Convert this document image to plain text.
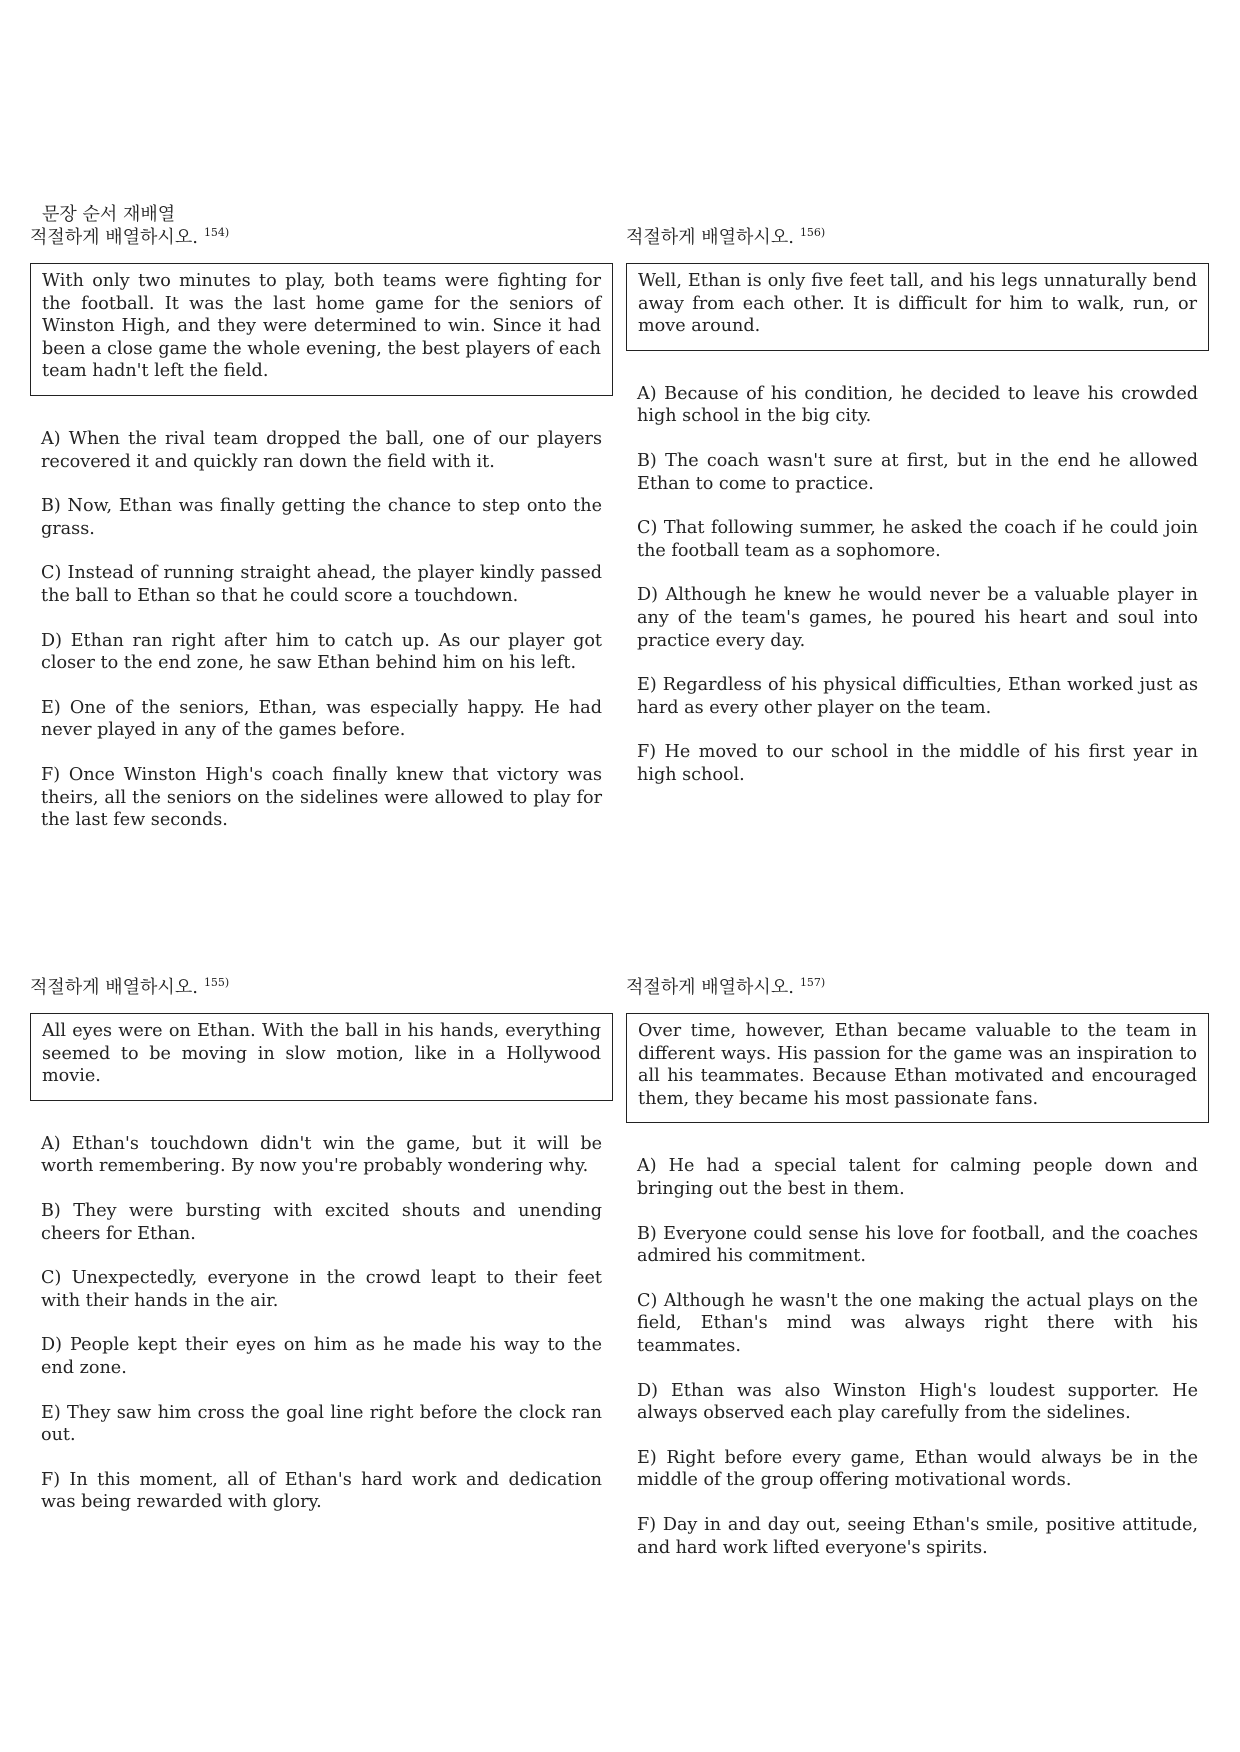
문장 순서 재배열
적절하게 배열하시오. $^{154)}$
With only two minutes to play, both teams were fighting for the football. It was the last home game for the seniors of Winston High, and they were determined to win. Since it had been a close game the whole evening, the best players of each team hadn't left the field.
A) When the rival team dropped the ball, one of our players recovered it and quickly ran down the field with it.
B) Now, Ethan was finally getting the chance to step onto the grass.
C) Instead of running straight ahead, the player kindly passed the ball to Ethan so that he could score a touchdown.
D) Ethan ran right after him to catch up. As our player got closer to the end zone, he saw Ethan behind him on his left.
E) One of the seniors, Ethan, was especially happy. He had never played in any of the games before.
F) Once Winston High's coach finally knew that victory was theirs, all the seniors on the sidelines were allowed to play for the last few seconds.
적절하게 배열하시오. $^{156)}$
Well, Ethan is only five feet tall, and his legs unnaturally bend away from each other. It is difficult for him to walk, run, or move around.
A) Because of his condition, he decided to leave his crowded high school in the big city.
B) The coach wasn't sure at first, but in the end he allowed Ethan to come to practice.
C) That following summer, he asked the coach if he could join the football team as a sophomore.
D) Although he knew he would never be a valuable player in any of the team's games, he poured his heart and soul into practice every day.
E) Regardless of his physical difficulties, Ethan worked just as hard as every other player on the team.
F) He moved to our school in the middle of his first year in high school.
적절하게 배열하시오. $^{155)}$
All eyes were on Ethan. With the ball in his hands, everything seemed to be moving in slow motion, like in a Hollywood movie.
A) Ethan's touchdown didn't win the game, but it will be worth remembering. By now you're probably wondering why.
B) They were bursting with excited shouts and unending cheers for Ethan.
C) Unexpectedly, everyone in the crowd leapt to their feet with their hands in the air.
D) People kept their eyes on him as he made his way to the end zone.
E) They saw him cross the goal line right before the clock ran out.
F) In this moment, all of Ethan's hard work and dedication was being rewarded with glory.
적절하게 배열하시오. $^{157)}$
Over time, however, Ethan became valuable to the team in different ways. His passion for the game was an inspiration to all his teammates. Because Ethan motivated and encouraged them, they became his most passionate fans.
A) He had a special talent for calming people down and bringing out the best in them.
B) Everyone could sense his love for football, and the coaches admired his commitment.
C) Although he wasn't the one making the actual plays on the field, Ethan's mind was always right there with his teammates.
D) Ethan was also Winston High's loudest supporter. He always observed each play carefully from the sidelines.
E) Right before every game, Ethan would always be in the middle of the group offering motivational words.
F) Day in and day out, seeing Ethan's smile, positive attitude, and hard work lifted everyone's spirits.
